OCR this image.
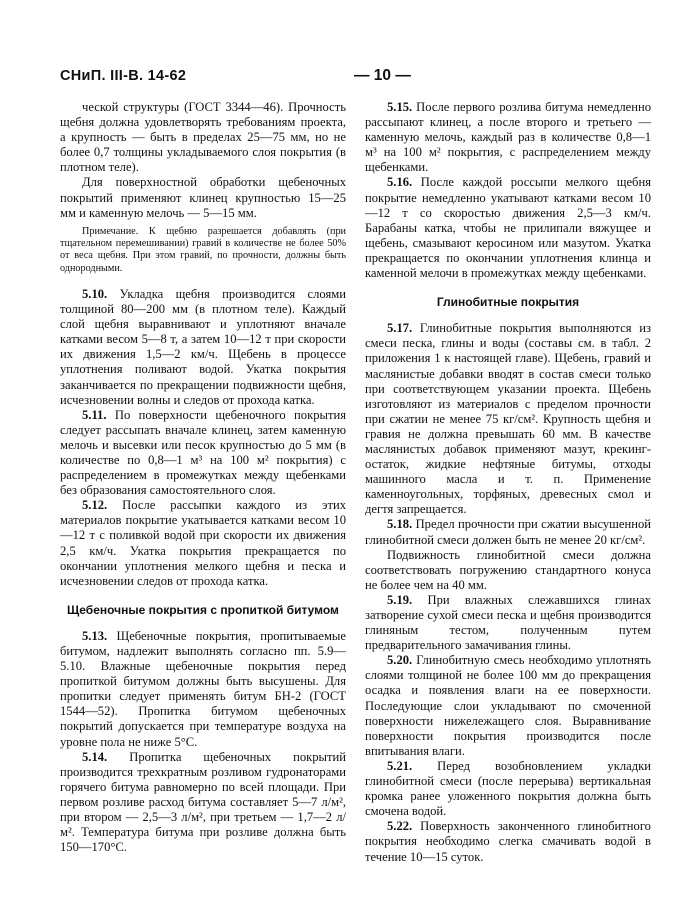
СНиП. III-В. 14-62	— 10 —

ческой структуры (ГОСТ 3344—46). Прочность щебня должна удовлетворять требованиям проекта, а крупность — быть в пределах 25—75 мм, но не более 0,7 толщины укладываемого слоя покрытия (в плотном теле).

Для поверхностной обработки щебеночных покрытий применяют клинец крупностью 15—25 мм и каменную мелочь — 5—15 мм.

Примечание. К щебню разрешается добавлять (при тщательном перемешивании) гравий в количестве не более 50% от веса щебня. При этом гравий, по прочности, должны быть однородными.

5.10. Укладка щебня производится слоями толщиной 80—200 мм (в плотном теле). Каждый слой щебня выравнивают и уплотняют вначале катками весом 5—8 т, а затем 10—12 т при скорости их движения 1,5—2 км/ч. Щебень в процессе уплотнения поливают водой. Укатка покрытия заканчивается по прекращении подвижности щебня, исчезновении волны и следов от прохода катка.

5.11. По поверхности щебеночного покрытия следует рассыпать вначале клинец, затем каменную мелочь и высевки или песок крупностью до 5 мм (в количестве по 0,8—1 м³ на 100 м² покрытия) с распределением в промежутках между щебенками без образования самостоятельного слоя.

5.12. После рассыпки каждого из этих материалов покрытие укатывается катками весом 10—12 т с поливкой водой при скорости их движения 2,5 км/ч. Укатка покрытия прекращается по окончании уплотнения мелкого щебня и песка и исчезновении следов от прохода катка.

Щебеночные покрытия с пропиткой битумом

5.13. Щебеночные покрытия, пропитываемые битумом, надлежит выполнять согласно пп. 5.9—5.10. Влажные щебеночные покрытия перед пропиткой битумом должны быть высушены. Для пропитки следует применять битум БН-2 (ГОСТ 1544—52). Пропитка битумом щебеночных покрытий допускается при температуре воздуха на уровне пола не ниже 5°С.

5.14. Пропитка щебеночных покрытий производится трехкратным розливом гудронаторами горячего битума равномерно по всей площади. При первом розливе расход битума составляет 5—7 л/м², при втором — 2,5—3 л/м², при третьем — 1,7—2 л/м². Температура битума при розливе должна быть 150—170°С.

5.15. После первого розлива битума немедленно рассыпают клинец, а после второго и третьего — каменную мелочь, каждый раз в количестве 0,8—1 м³ на 100 м² покрытия, с распределением между щебенками.

5.16. После каждой россыпи мелкого щебня покрытие немедленно укатывают катками весом 10—12 т со скоростью движения 2,5—3 км/ч. Барабаны катка, чтобы не прилипали вяжущее и щебень, смазывают керосином или мазутом. Укатка прекращается по окончании уплотнения клинца и каменной мелочи в промежутках между щебенками.

Глинобитные покрытия

5.17. Глинобитные покрытия выполняются из смеси песка, глины и воды (составы см. в табл. 2 приложения 1 к настоящей главе). Щебень, гравий и маслянистые добавки вводят в состав смеси только при соответствующем указании проекта. Щебень изготовляют из материалов с пределом прочности при сжатии не менее 75 кг/см². Крупность щебня и гравия не должна превышать 60 мм. В качестве маслянистых добавок применяют мазут, крекинг-остаток, жидкие нефтяные битумы, отходы машинного масла и т. п. Применение каменноугольных, торфяных, древесных смол и дегтя запрещается.

5.18. Предел прочности при сжатии высушенной глинобитной смеси должен быть не менее 20 кг/см².

Подвижность глинобитной смеси должна соответствовать погружению стандартного конуса не более чем на 40 мм.

5.19. При влажных слежавшихся глинах затворение сухой смеси песка и щебня производится глиняным тестом, полученным путем предварительного замачивания глины.

5.20. Глинобитную смесь необходимо уплотнять слоями толщиной не более 100 мм до прекращения осадка и появления влаги на ее поверхности. Последующие слои укладывают по смоченной поверхности нижележащего слоя. Выравнивание поверхности покрытия производится после впитывания влаги.

5.21. Перед возобновлением укладки глинобитной смеси (после перерыва) вертикальная кромка ранее уложенного покрытия должна быть смочена водой.

5.22. Поверхность законченного глинобитного покрытия необходимо слегка смачивать водой в течение 10—15 суток.
